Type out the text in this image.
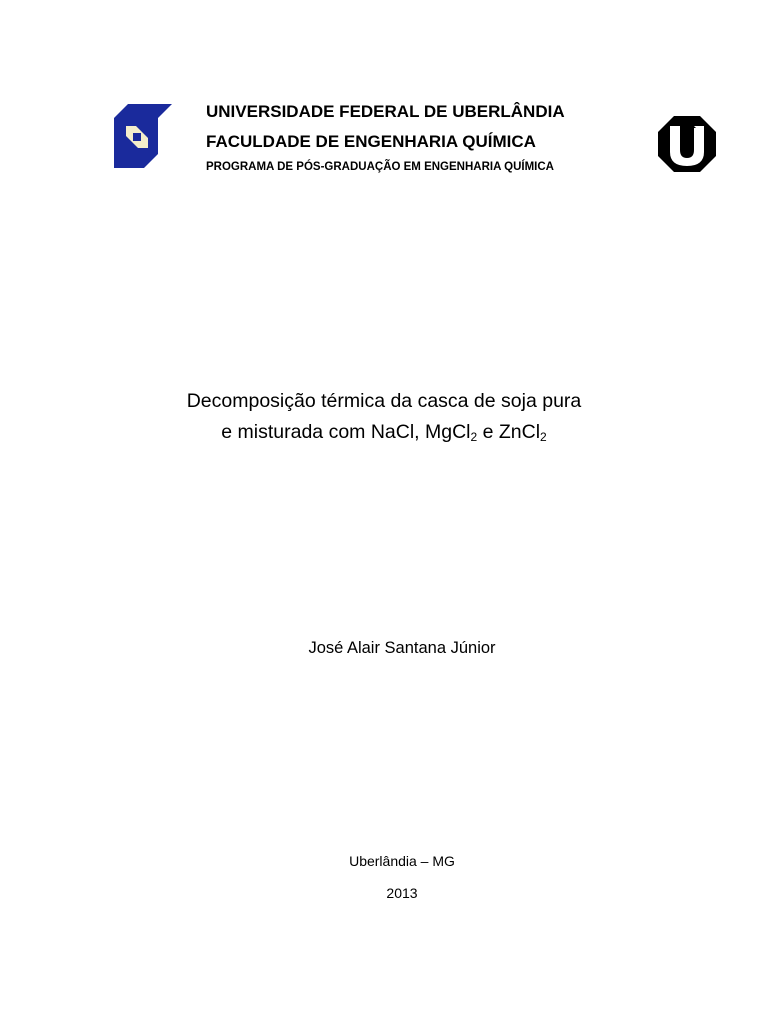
UNIVERSIDADE FEDERAL DE UBERLÂNDIA

FACULDADE DE ENGENHARIA QUÍMICA

PROGRAMA DE PÓS-GRADUAÇÃO EM ENGENHARIA QUÍMICA

Decomposição térmica da casca de soja pura
e misturada com NaCl, MgCl$_2$ e ZnCl$_2$
José Alair Santana Júnior
Uberlândia – MG
2013
